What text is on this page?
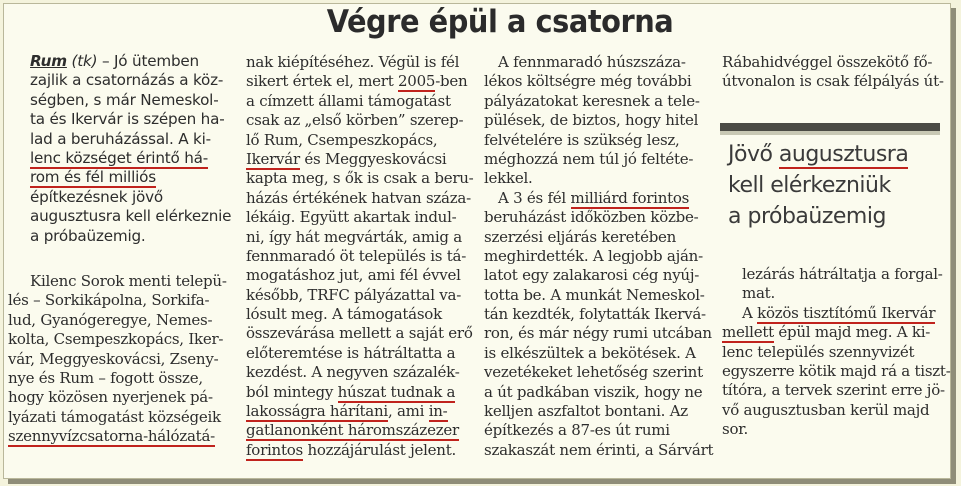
Végre épül a csatorna
Rum (tk) – Jó ütemben
zajlik a csatornázás a köz-
ségben, s már Nemeskol-
ta és Ikervár is szépen ha-
lad a beruházással. A ki-
lenc községet érintő há-
rom és fél milliós
építkezésnek jövő
augusztusra kell elérkeznie
a próbaüzemig.
Kilenc Sorok menti telepü-
lés – Sorkikápolna, Sorkifa-
lud, Gyanógeregye, Nemes-
kolta, Csempeszkopács, Iker-
vár, Meggyeskovácsi, Zseny-
nye és Rum – fogott össze,
hogy közösen nyerjenek pá-
lyázati támogatást községeik
szennyvízcsatorna-hálózatá-
nak kiépítéséhez. Végül is fél
sikert értek el, mert 2005-ben
a címzett állami támogatást
csak az „első körben” szerep-
lő Rum, Csempeszkopács,
Ikervár és Meggyeskovácsi
kapta meg, s ők is csak a beru-
házás értékének hatvan száza-
lékáig. Együtt akartak indul-
ni, így hát megvárták, amig a
fennmaradó öt település is tá-
mogatáshoz jut, ami fél évvel
később, TRFC pályázattal va-
lósult meg. A támogatások
összevárása mellett a saját erő
előteremtése is hátráltatta a
kezdést. A negyven százalék-
ból mintegy húszat tudnak a
lakosságra hárítani, ami in-
gatlanonként háromszázezer
forintos hozzájárulást jelent.
A fennmaradó húszszáza-
lékos költségre még további
pályázatokat keresnek a tele-
pülések, de biztos, hogy hitel
felvételére is szükség lesz,
méghozzá nem túl jó feltéte-
lekkel.
A 3 és fél milliárd forintos
beruházást időközben közbe-
szerzési eljárás keretében
meghirdették. A legjobb aján-
latot egy zalakarosi cég nyúj-
totta be. A munkát Nemeskol-
tán kezdték, folytatták Ikervá-
ron, és már négy rumi utcában
is elkészültek a bekötések. A
vezetékeket lehetőség szerint
a út padkában viszik, hogy ne
kelljen aszfaltot bontani. Az
építkezés a 87-es út rumi
szakaszát nem érinti, a Sárvárt
Rábahidvéggel összekötő fő-
útvonalon is csak félpályás út-
Jövő augusztusra
kell elérkezniük
a próbaüzemig
lezárás hátráltatja a forgal-
mat.
A közös tisztítómű Ikervár
mellett épül majd meg. A ki-
lenc település szennyvizét
egyszerre kötik majd rá a tiszt-
títóra, a tervek szerint erre jö-
vő augusztusban kerül majd
sor.
